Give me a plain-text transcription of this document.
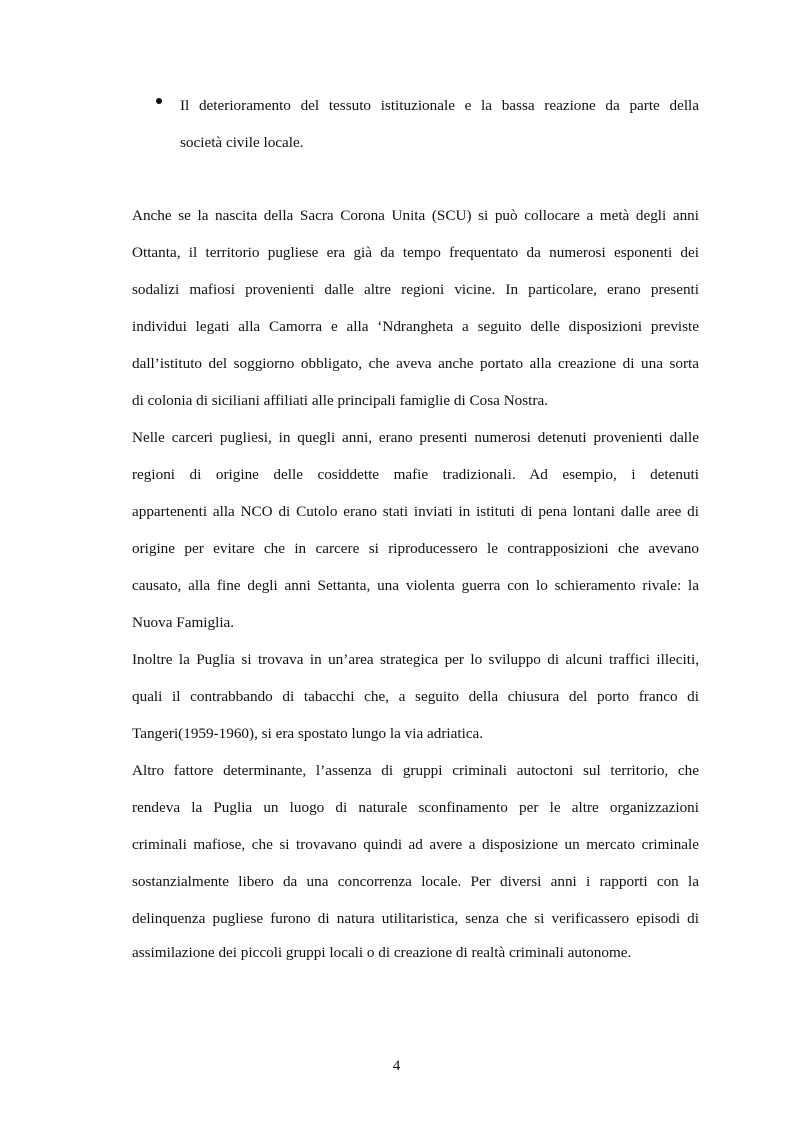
Il deterioramento del tessuto istituzionale e la bassa reazione da parte della
società civile locale.
Anche se la nascita della Sacra Corona Unita (SCU) si può collocare a metà degli anni
Ottanta, il territorio pugliese era già da tempo frequentato da numerosi esponenti dei
sodalizi mafiosi provenienti dalle altre regioni vicine. In particolare, erano presenti
individui legati alla Camorra e alla ‘Ndrangheta a seguito delle disposizioni previste
dall’istituto del soggiorno obbligato, che aveva anche portato alla creazione di una sorta
di colonia di siciliani affiliati alle principali famiglie di Cosa Nostra.
Nelle carceri pugliesi, in quegli anni, erano presenti numerosi detenuti provenienti dalle
regioni di origine delle cosiddette mafie tradizionali. Ad esempio, i detenuti
appartenenti alla NCO di Cutolo erano stati inviati in istituti di pena lontani dalle aree di
origine per evitare che in carcere si riproducessero le contrapposizioni che avevano
causato, alla fine degli anni Settanta, una violenta guerra con lo schieramento rivale: la
Nuova Famiglia.
Inoltre la Puglia si trovava in un’area strategica per lo sviluppo di alcuni traffici illeciti,
quali il contrabbando di tabacchi che, a seguito della chiusura del porto franco di
Tangeri(1959-1960), si era spostato lungo la via adriatica.
Altro fattore determinante, l’assenza di gruppi criminali autoctoni sul territorio, che
rendeva la Puglia un luogo di naturale sconfinamento per le altre organizzazioni
criminali mafiose, che si trovavano quindi ad avere a disposizione un mercato criminale
sostanzialmente libero da una concorrenza locale. Per diversi anni i rapporti con la
delinquenza pugliese furono di natura utilitaristica, senza che si verificassero episodi di
assimilazione dei piccoli gruppi locali o di creazione di realtà criminali autonome.
4
